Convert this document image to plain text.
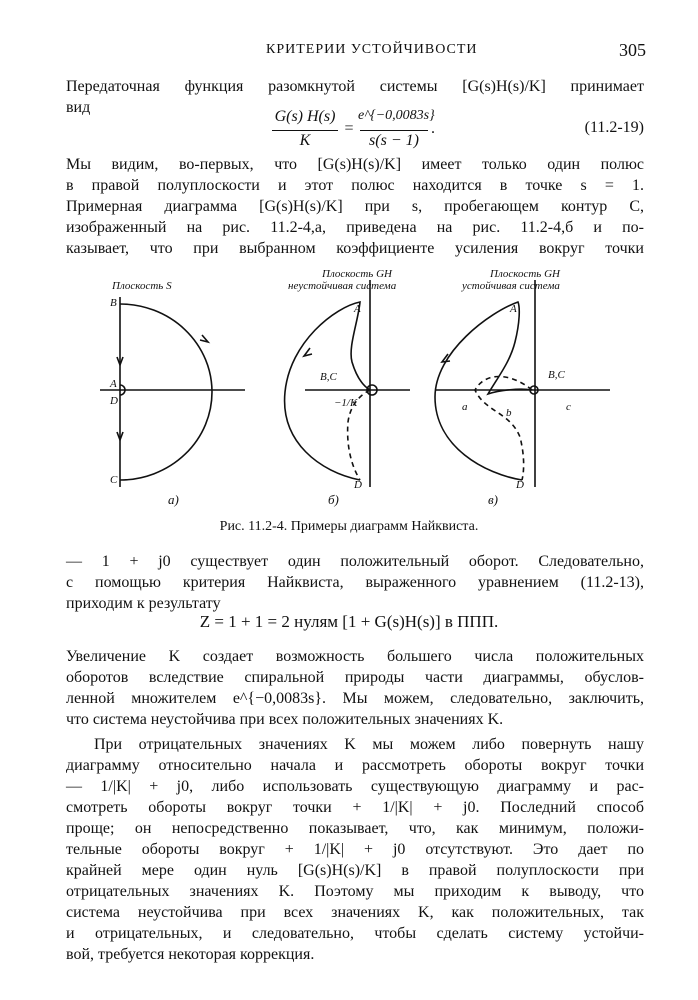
КРИТЕРИИ УСТОЙЧИВОСТИ	305

Передаточная функция разомкнутой системы [G(s)H(s)/K] принимает

вид

G(s) H(s)
K
=
e^{−0,0083s}
s(s − 1)
.	(11.2-19)

Мы видим, во-первых, что [G(s)H(s)/K] имеет только один полюс

в правой полуплоскости и этот полюс находится в точке s = 1.

Примерная диаграмма [G(s)H(s)/K] при s, пробегающем контур C,

изображенный на рис. 11.2-4,a, приведена на рис. 11.2-4,б и по-

казывает, что при выбранном коэффициенте усиления вокруг точки

Плоскость S
B
A
D
C
а)
Плоскость GH
неустойчивая система
A
B,C
−1/K
D
б)
Плоскость GH
устойчивая система
A
B,C
a	b	c
D
в)
Рис. 11.2-4. Примеры диаграмм Найквиста.

— 1 + j0 существует один положительный оборот. Следовательно,

с помощью критерия Найквиста, выраженного уравнением (11.2-13),

приходим к результату

Z = 1 + 1 = 2 нулям [1 + G(s)H(s)] в ППП.

Увеличение K создает возможность большего числа положительных

оборотов вследствие спиральной природы части диаграммы, обуслов-

ленной множителем e^{−0,0083s}. Мы можем, следовательно, заключить,

что система неустойчива при всех положительных значениях K.

При отрицательных значениях K мы можем либо повернуть нашу

диаграмму относительно начала и рассмотреть обороты вокруг точки

— 1/|K| + j0, либо использовать существующую диаграмму и рас-

смотреть обороты вокруг точки + 1/|K| + j0. Последний способ

проще; он непосредственно показывает, что, как минимум, положи-

тельные обороты вокруг + 1/|K| + j0 отсутствуют. Это дает по

крайней мере один нуль [G(s)H(s)/K] в правой полуплоскости при

отрицательных значениях K. Поэтому мы приходим к выводу, что

система неустойчива при всех значениях K, как положительных, так

и отрицательных, и следовательно, чтобы сделать систему устойчи-

вой, требуется некоторая коррекция.
